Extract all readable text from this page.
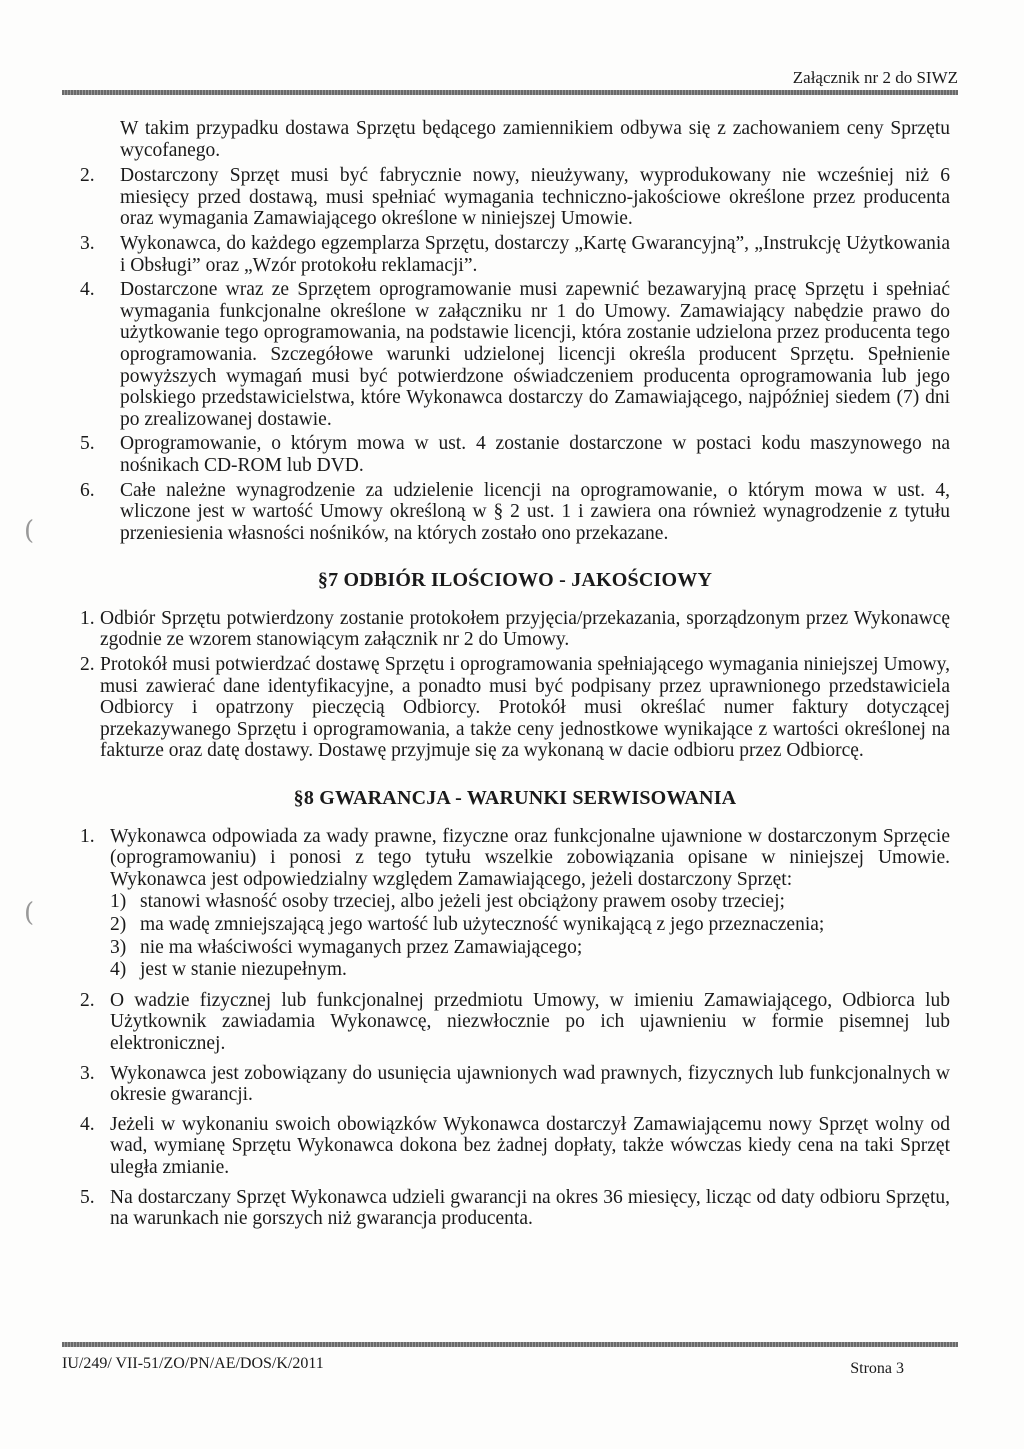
Załącznik nr 2 do SIWZ
(
(

W takim przypadku dostawa Sprzętu będącego zamiennikiem odbywa się z zachowaniem ceny Sprzętu wycofanego.

2.	Dostarczony Sprzęt musi być fabrycznie nowy, nieużywany, wyprodukowany nie wcześniej niż 6 miesięcy przed dostawą, musi spełniać wymagania techniczno-jakościowe określone przez producenta oraz wymagania Zamawiającego określone w niniejszej Umowie.
3.	Wykonawca, do każdego egzemplarza Sprzętu, dostarczy „Kartę Gwarancyjną”, „Instrukcję Użytkowania i Obsługi” oraz „Wzór protokołu reklamacji”.
4.	Dostarczone wraz ze Sprzętem oprogramowanie musi zapewnić bezawaryjną pracę Sprzętu i spełniać wymagania funkcjonalne określone w załączniku nr 1 do Umowy. Zamawiający nabędzie prawo do użytkowanie tego oprogramowania, na podstawie licencji, która zostanie udzielona przez producenta tego oprogramowania. Szczegółowe warunki udzielonej licencji określa producent Sprzętu. Spełnienie powyższych wymagań musi być potwierdzone oświadczeniem producenta oprogramowania lub jego polskiego przedstawicielstwa, które Wykonawca dostarczy do Zamawiającego, najpóźniej siedem (7) dni po zrealizowanej dostawie.
5.	Oprogramowanie, o którym mowa w ust. 4 zostanie dostarczone w postaci kodu maszynowego na nośnikach CD-ROM lub DVD.
6.	Całe należne wynagrodzenie za udzielenie licencji na oprogramowanie, o którym mowa w ust. 4, wliczone jest w wartość Umowy określoną w § 2 ust. 1 i zawiera ona również wynagrodzenie z tytułu przeniesienia własności nośników, na których zostało ono przekazane.
§7 ODBIÓR ILOŚCIOWO - JAKOŚCIOWY
1. Odbiór Sprzętu potwierdzony zostanie protokołem przyjęcia/przekazania, sporządzonym przez Wykonawcę zgodnie ze wzorem stanowiącym załącznik nr 2 do Umowy.
2. Protokół musi potwierdzać dostawę Sprzętu i oprogramowania spełniającego wymagania niniejszej Umowy, musi zawierać dane identyfikacyjne, a ponadto musi być podpisany przez uprawnionego przedstawiciela Odbiorcy i opatrzony pieczęcią Odbiorcy. Protokół musi określać numer faktury dotyczącej przekazywanego Sprzętu i oprogramowania, a także ceny jednostkowe wynikające z wartości określonej na fakturze oraz datę dostawy. Dostawę przyjmuje się za wykonaną w dacie odbioru przez Odbiorcę.
§8 GWARANCJA - WARUNKI SERWISOWANIA
1. Wykonawca odpowiada za wady prawne, fizyczne oraz funkcjonalne ujawnione w dostarczonym Sprzęcie (oprogramowaniu) i ponosi z tego tytułu wszelkie zobowiązania opisane w niniejszej Umowie. Wykonawca jest odpowiedzialny względem Zamawiającego, jeżeli dostarczony Sprzęt:
1) stanowi własność osoby trzeciej, albo jeżeli jest obciążony prawem osoby trzeciej;
2) ma wadę zmniejszającą jego wartość lub użyteczność wynikającą z jego przeznaczenia;
3) nie ma właściwości wymaganych przez Zamawiającego;
4) jest w stanie niezupełnym.
2. O wadzie fizycznej lub funkcjonalnej przedmiotu Umowy, w imieniu Zamawiającego, Odbiorca lub Użytkownik zawiadamia Wykonawcę, niezwłocznie po ich ujawnieniu w formie pisemnej lub elektronicznej.
3. Wykonawca jest zobowiązany do usunięcia ujawnionych wad prawnych, fizycznych lub funkcjonalnych w okresie gwarancji.
4. Jeżeli w wykonaniu swoich obowiązków Wykonawca dostarczył Zamawiającemu nowy Sprzęt wolny od wad, wymianę Sprzętu Wykonawca dokona bez żadnej dopłaty, także wówczas kiedy cena na taki Sprzęt uległa zmianie.
5. Na dostarczany Sprzęt Wykonawca udzieli gwarancji na okres 36 miesięcy, licząc od daty odbioru Sprzętu, na warunkach nie gorszych niż gwarancja producenta.
IU/249/ VII-51/ZO/PN/AE/DOS/K/2011	Strona 3
